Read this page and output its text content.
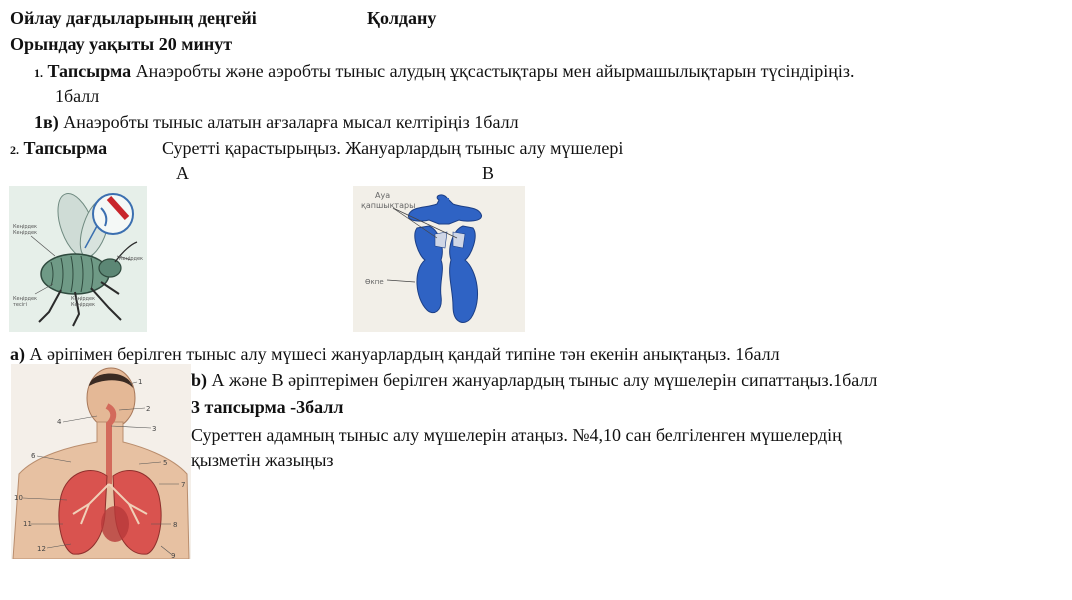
Ойлау дағдыларының деңгейі	Қолдану
Орындау уақыты 20 минут
1. Тапсырма Анаэробты және аэробты тыныс алудың ұқсастықтары мен айырмашылықтарын түсіндіріңіз.
1балл
1в) Анаэробты тыныс алатын ағзаларға мысал келтіріңіз 1балл
2. Тапсырма	Суретті қарастырыңыз. Жануарлардың тыныс алу мүшелері
А	В
Кеңірдек
Кеңірдек
Кеңірдек
Кеңірдек
тесігі
Кеңірдек
Кеңірдек
Ауа
қапшықтары
Өкпе
а) А әріпімен берілген тыныс алу мүшесі жануарлардың қандай типіне тән екенін анықтаңыз. 1балл
1
2
3
4
5
6
7
8
9
10
11
12
b) А және В әріптерімен берілген жануарлардың тыныс алу мүшелерін сипаттаңыз.1балл
3 тапсырма -3балл
Суреттен адамның тыныс алу мүшелерін атаңыз. №4,10 сан белгіленген мүшелердің
қызметін жазыңыз
